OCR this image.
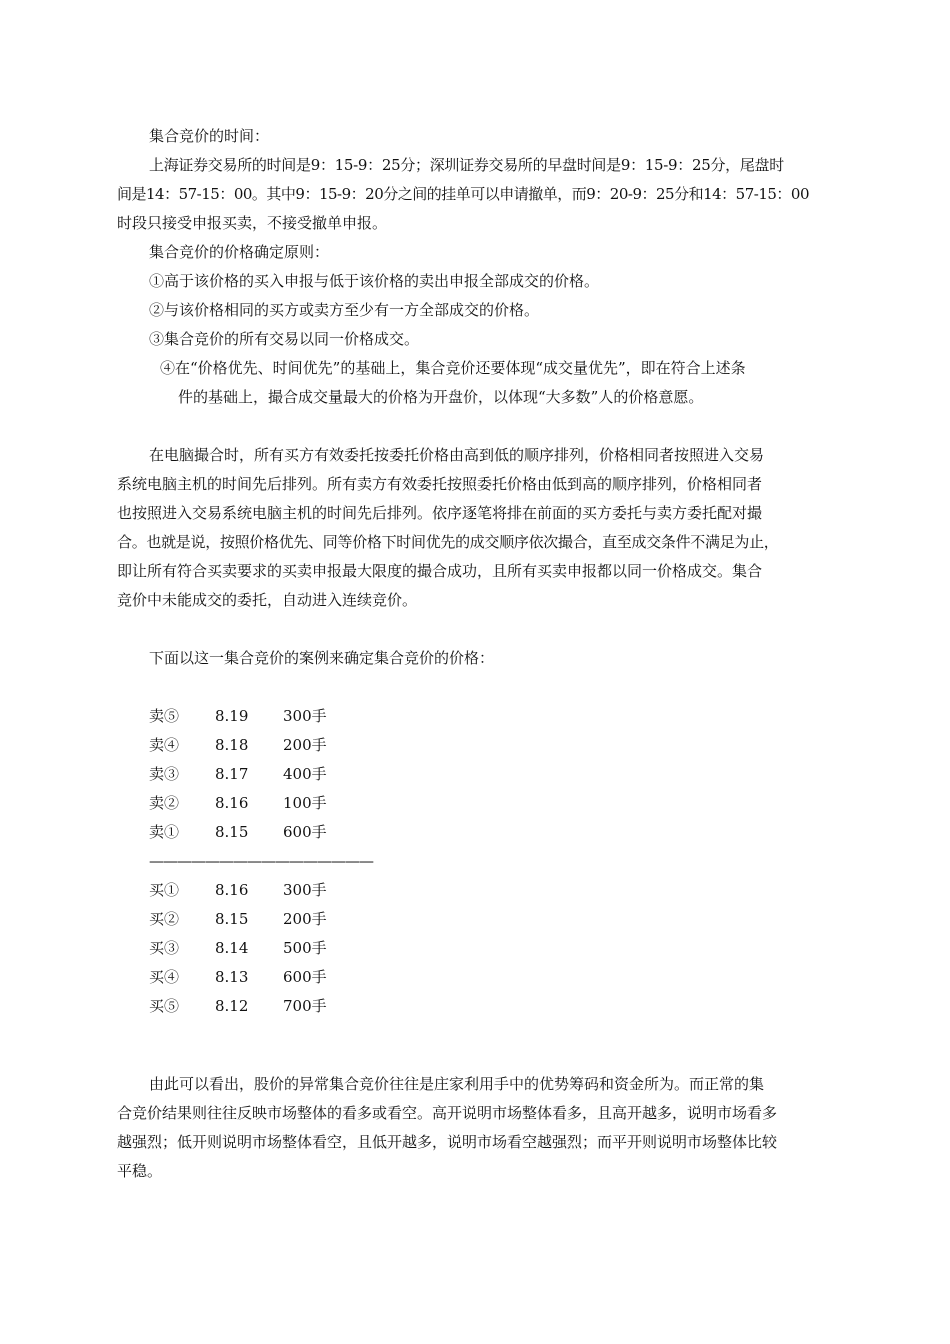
集合竞价的时间：
上海证券交易所的时间是9：15-9：25分；深圳证券交易所的早盘时间是9：15-9：25分，尾盘时
间是14：57-15：00。其中9：15-9：20分之间的挂单可以申请撤单，而9：20-9：25分和14：57-15：00
时段只接受申报买卖，不接受撤单申报。
集合竞价的价格确定原则：
①高于该价格的买入申报与低于该价格的卖出申报全部成交的价格。
②与该价格相同的买方或卖方至少有一方全部成交的价格。
③集合竞价的所有交易以同一价格成交。
④在“价格优先、时间优先”的基础上，集合竞价还要体现“成交量优先”，即在符合上述条
件的基础上，撮合成交量最大的价格为开盘价，以体现“大多数”人的价格意愿。
在电脑撮合时，所有买方有效委托按委托价格由高到低的顺序排列，价格相同者按照进入交易
系统电脑主机的时间先后排列。所有卖方有效委托按照委托价格由低到高的顺序排列，价格相同者
也按照进入交易系统电脑主机的时间先后排列。依序逐笔将排在前面的买方委托与卖方委托配对撮
合。也就是说，按照价格优先、同等价格下时间优先的成交顺序依次撮合，直至成交条件不满足为止，
即让所有符合买卖要求的买卖申报最大限度的撮合成功，且所有买卖申报都以同一价格成交。集合
竞价中未能成交的委托，自动进入连续竞价。
下面以这一集合竞价的案例来确定集合竞价的价格：
卖⑤ 8.19 300手
卖④ 8.18 200手
卖③ 8.17 400手
卖② 8.16 100手
卖① 8.15 600手
————————————————
买① 8.16 300手
买② 8.15 200手
买③ 8.14 500手
买④ 8.13 600手
买⑤ 8.12 700手
由此可以看出，股价的异常集合竞价往往是庄家利用手中的优势筹码和资金所为。而正常的集
合竞价结果则往往反映市场整体的看多或看空。高开说明市场整体看多，且高开越多，说明市场看多
越强烈；低开则说明市场整体看空，且低开越多，说明市场看空越强烈；而平开则说明市场整体比较
平稳。
